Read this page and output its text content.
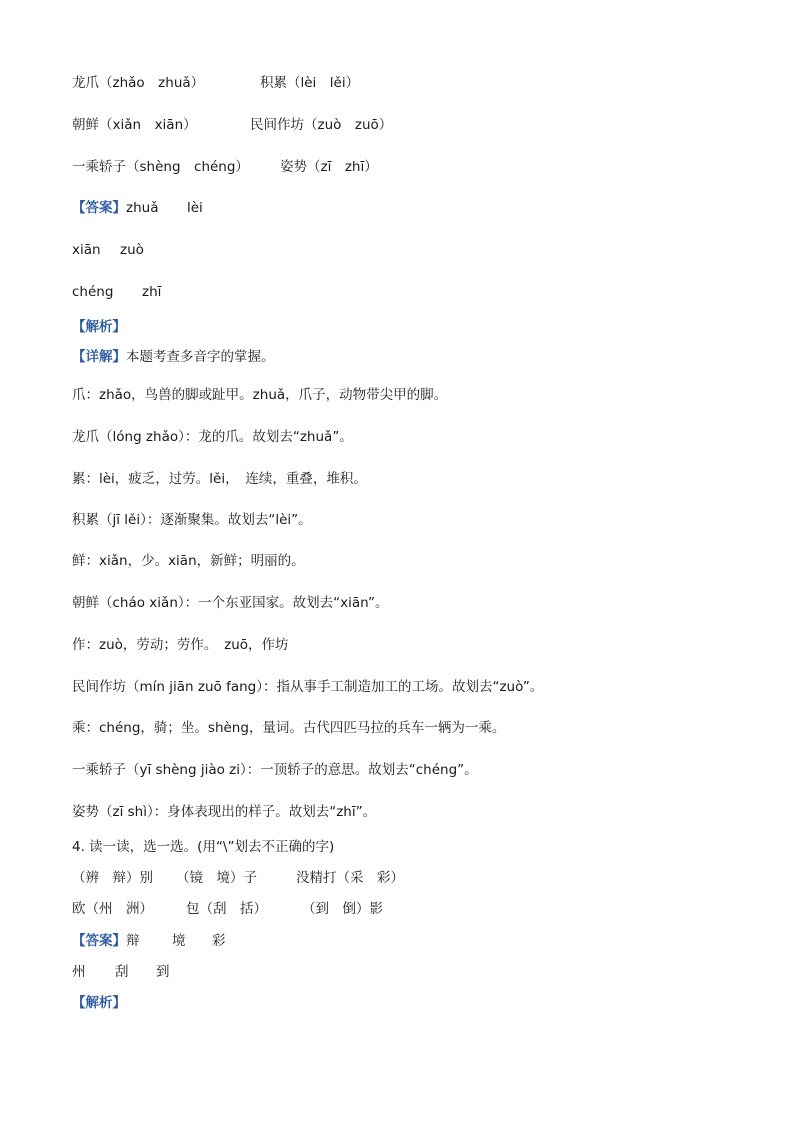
龙爪（zhǎo　zhuǎ）	积累（lèi　lěi）
朝鲜（xiǎn　xiān）	民间作坊（zuò　zuō）
一乘轿子（shèng　chéng） 姿势（zī　zhī）
【答案】zhuǎ lèi
xiān zuò
chéng zhī
【解析】
【详解】本题考查多音字的掌握。
爪：zhǎo，鸟兽的脚或趾甲。zhuǎ，爪子，动物带尖甲的脚。
龙爪（lóng zhǎo）：龙的爪。故划去“zhuǎ”。
累：lèi，疲乏，过劳。lěi，　连续，重叠，堆积。
积累（jī lěi）：逐渐聚集。故划去“lèi”。
鲜：xiǎn，少。xiān，新鲜；明丽的。
朝鲜（cháo xiǎn）：一个东亚国家。故划去“xiān”。
作：zuò，劳动；劳作。　zuō，作坊
民间作坊（mín jiān zuō fang）：指从事手工制造加工的工场。故划去“zuò”。
乘：chéng，骑；坐。shèng，量词。古代四匹马拉的兵车一辆为一乘。
一乘轿子（yī shèng jiào zi）：一顶轿子的意思。故划去“chéng”。
姿势（zī shì）：身体表现出的样子。故划去“zhī”。
4. 读一读，选一选。(用“\”划去不正确的字)
（辨　辩）别 （镜　境）子	没精打（采　彩）
欧（州　洲） 包（刮　括）	（到　倒）影
【答案】辩 境 彩
州 刮 到
【解析】
